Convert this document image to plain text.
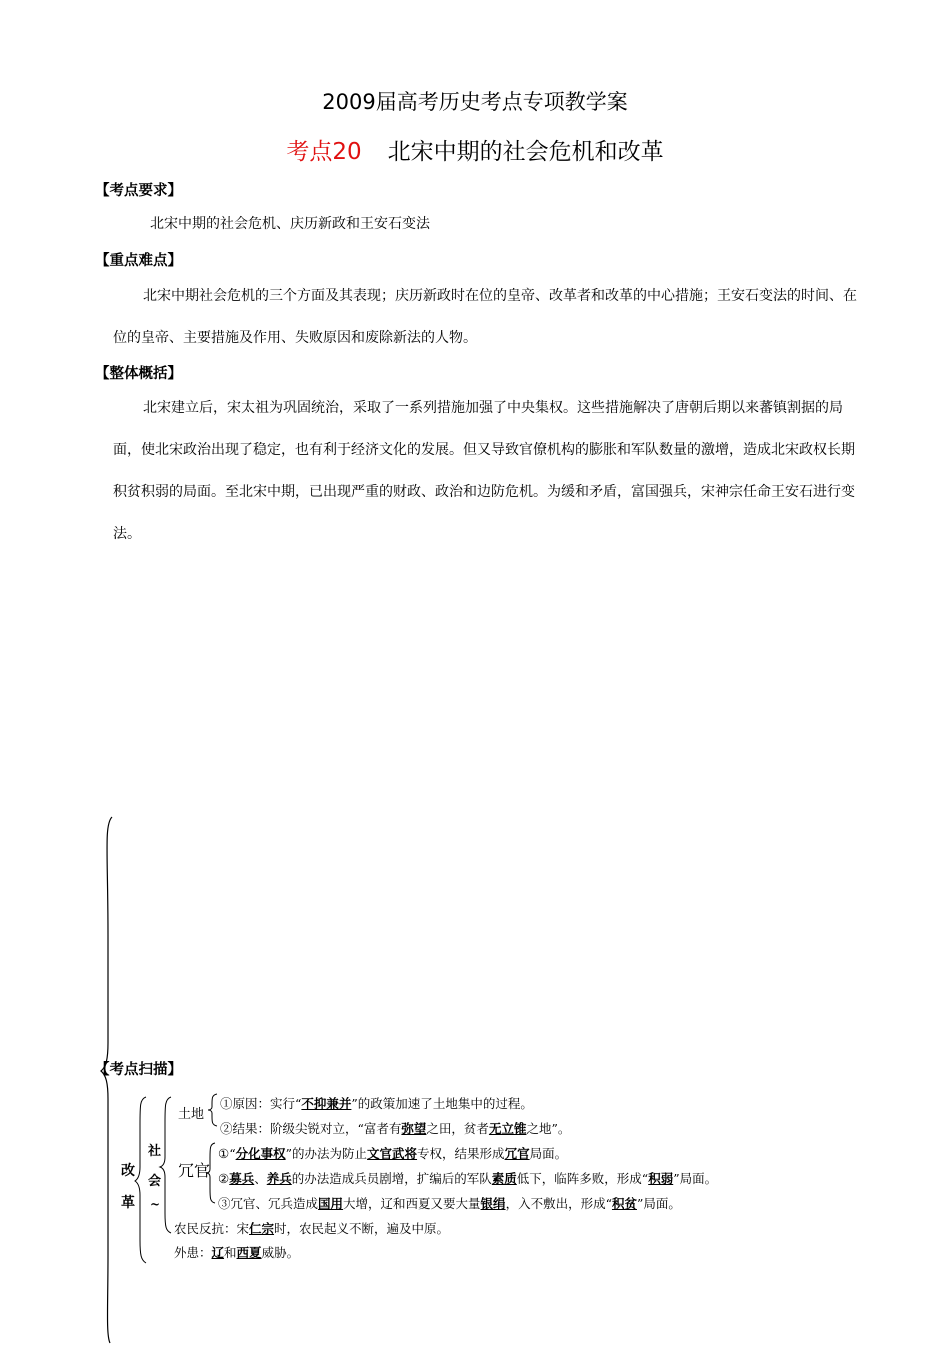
2009届高考历史考点专项教学案
考点20 北宋中期的社会危机和改革
【考点要求】
北宋中期的社会危机、庆历新政和王安石变法
【重点难点】
北宋中期社会危机的三个方面及其表现；庆历新政时在位的皇帝、改革者和改革的中心措施；王安石变法的时间、在位的皇帝、主要措施及作用、失败原因和废除新法的人物。
【整体概括】
北宋建立后，宋太祖为巩固统治，采取了一系列措施加强了中央集权。这些措施解决了唐朝后期以来蕃镇割据的局面，使北宋政治出现了稳定，也有利于经济文化的发展。但又导致官僚机构的膨胀和军队数量的激增，造成北宋政权长期积贫积弱的局面。至北宋中期，已出现严重的财政、政治和边防危机。为缓和矛盾，富国强兵，宋神宗任命王安石进行变法。
【考点扫描】
改
革
社
会
~
土地
①原因：实行“不抑兼并”的政策加速了土地集中的过程。
②结果：阶级尖锐对立，“富者有弥望之田，贫者无立锥之地”。
冗官
①“分化事权”的办法为防止文官武将专权，结果形成冗官局面。
②募兵、养兵的办法造成兵员剧增，扩编后的军队素质低下，临阵多败，形成“积弱”局面。
③冗官、冗兵造成国用大增，辽和西夏又要大量银绢，入不敷出，形成“积贫”局面。
农民反抗：宋仁宗时，农民起义不断，遍及中原。
外患：辽和西夏威胁。
